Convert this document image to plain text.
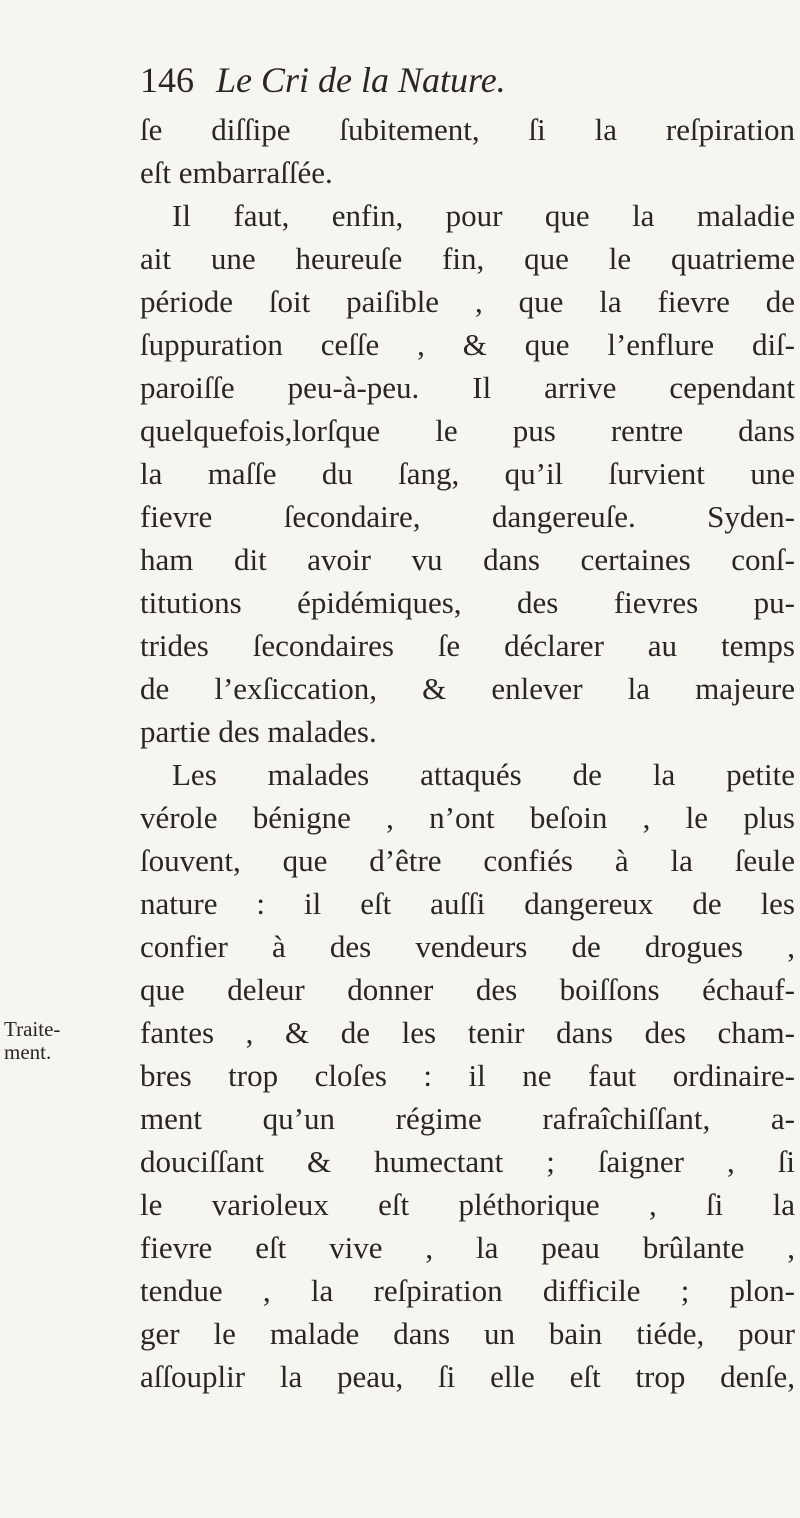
146 Le Cri de la Nature.
Traite-
ment.
ſe diſſipe ſubitement, ſi la reſpiration
eſt embarraſſée.
Il faut, enfin, pour que la maladie
ait une heureuſe fin, que le quatrieme
période ſoit paiſible , que la fievre de
ſuppuration ceſſe , & que l’enflure diſ-
paroiſſe peu-à-peu. Il arrive cependant
quelquefois,lorſque le pus rentre dans
la maſſe du ſang, qu’il ſurvient une
fievre ſecondaire, dangereuſe. Syden-
ham dit avoir vu dans certaines conſ-
titutions épidémiques, des fievres pu-
trides ſecondaires ſe déclarer au temps
de l’exſiccation, & enlever la majeure
partie des malades.
Les malades attaqués de la petite
vérole bénigne , n’ont beſoin , le plus
ſouvent, que d’être confiés à la ſeule
nature : il eſt auſſi dangereux de les
confier à des vendeurs de drogues ,
que deleur donner des boiſſons échauf-
fantes , & de les tenir dans des cham-
bres trop cloſes : il ne faut ordinaire-
ment qu’un régime rafraîchiſſant, a-
douciſſant & humectant ; ſaigner , ſi
le varioleux eſt pléthorique , ſi la
fievre eſt vive , la peau brûlante ,
tendue , la reſpiration difficile ; plon-
ger le malade dans un bain tiéde, pour
aſſouplir la peau, ſi elle eſt trop denſe,
